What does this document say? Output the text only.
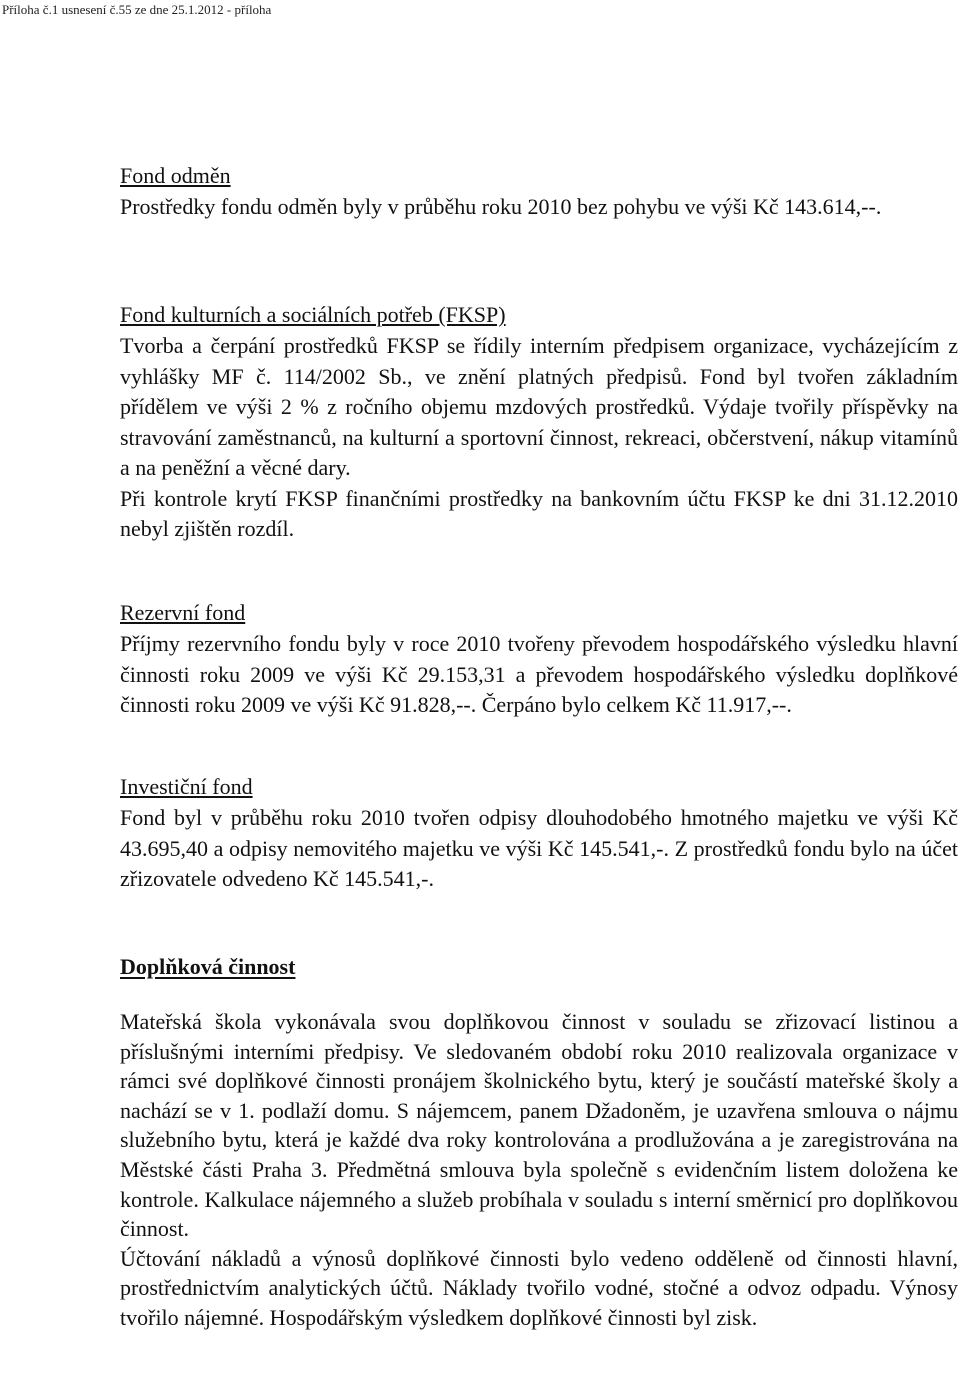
Příloha č.1 usnesení č.55 ze dne 25.1.2012 - příloha
Fond odměn

Prostředky fondu odměn byly v průběhu roku 2010 bez pohybu ve výši Kč 143.614,--.

Fond kulturních a sociálních potřeb (FKSP)

Tvorba a čerpání prostředků FKSP se řídily interním předpisem organizace, vycházejícím z vyhlášky MF č. 114/2002 Sb., ve znění platných předpisů. Fond byl tvořen základním přídělem ve výši 2 % z ročního objemu mzdových prostředků. Výdaje tvořily příspěvky na stravování zaměstnanců, na kulturní a sportovní činnost, rekreaci, občerstvení, nákup vitamínů a na peněžní a věcné dary.

Při kontrole krytí FKSP finančními prostředky na bankovním účtu FKSP ke dni 31.12.2010 nebyl zjištěn rozdíl.

Rezervní fond

Příjmy rezervního fondu byly v roce 2010 tvořeny převodem hospodářského výsledku hlavní činnosti roku 2009 ve výši Kč 29.153,31 a převodem hospodářského výsledku doplňkové činnosti roku 2009 ve výši Kč 91.828,--. Čerpáno bylo celkem Kč 11.917,--.

Investiční fond

Fond byl v průběhu roku 2010 tvořen odpisy dlouhodobého hmotného majetku ve výši Kč 43.695,40 a odpisy nemovitého majetku ve výši Kč 145.541,-. Z prostředků fondu bylo na účet zřizovatele odvedeno Kč 145.541,-.

Doplňková činnost

Mateřská škola vykonávala svou doplňkovou činnost v souladu se zřizovací listinou a příslušnými interními předpisy. Ve sledovaném období roku 2010 realizovala organizace v rámci své doplňkové činnosti pronájem školnického bytu, který je součástí mateřské školy a nachází se v 1. podlaží domu. S nájemcem, panem Džadoněm, je uzavřena smlouva o nájmu služebního bytu, která je každé dva roky kontrolována a prodlužována a je zaregistrována na Městské části Praha 3. Předmětná smlouva byla společně s evidenčním listem doložena ke kontrole. Kalkulace nájemného a služeb probíhala v souladu s interní směrnicí pro doplňkovou činnost.

Účtování nákladů a výnosů doplňkové činnosti bylo vedeno odděleně od činnosti hlavní, prostřednictvím analytických účtů. Náklady tvořilo vodné, stočné a odvoz odpadu. Výnosy tvořilo nájemné. Hospodářským výsledkem doplňkové činnosti byl zisk.
